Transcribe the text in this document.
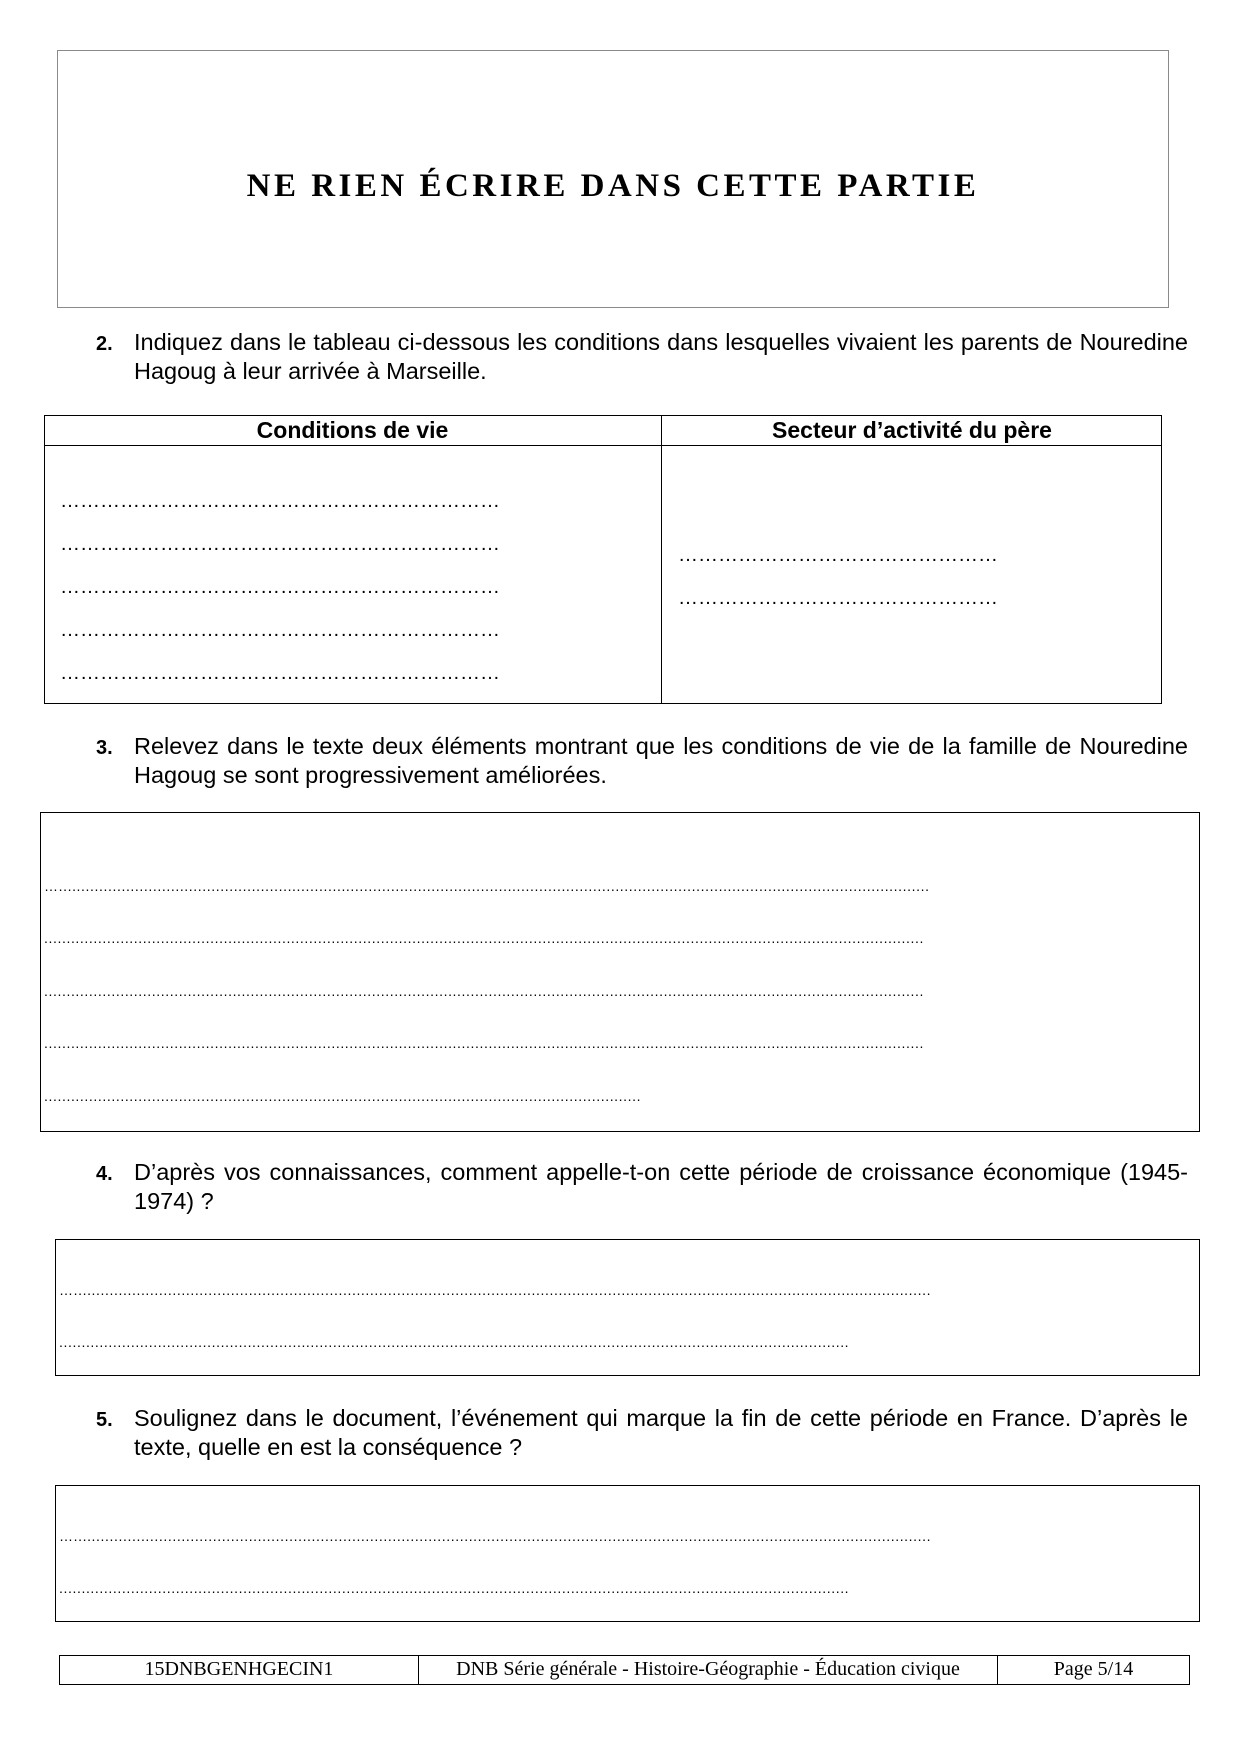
NE RIEN ÉCRIRE DANS CETTE PARTIE
2. Indiquez dans le tableau ci-dessous les conditions dans lesquelles vivaient les parents de Nouredine Hagoug à leur arrivée à Marseille.
Conditions de vie	Secteur d’activité du père
…………………………………………………………
…………………………………………………………
…………………………………………………………
…………………………………………………………
…………………………………………………………
…………………………………………
…………………………………………
3. Relevez dans le texte deux éléments montrant que les conditions de vie de la famille de Nouredine Hagoug se sont progressivement améliorées.
…..................................................................................................................................................................................................
....................................................................................................................................................................................................
....................................................................................................................................................................................................
....................................................................................................................................................................................................
.....................................................................................................................................
4. D’après vos connaissances, comment appelle-t-on cette période de croissance économique (1945-1974) ?
…...............................................................................................................................................................................................
................................................................................................................................................................................
5. Soulignez dans le document, l’événement qui marque la fin de cette période en France. D’après le texte, quelle en est la conséquence ?
…...............................................................................................................................................................................................
................................................................................................................................................................................
15DNBGENHGECIN1	DNB Série générale - Histoire-Géographie - Éducation civique	Page 5/14
